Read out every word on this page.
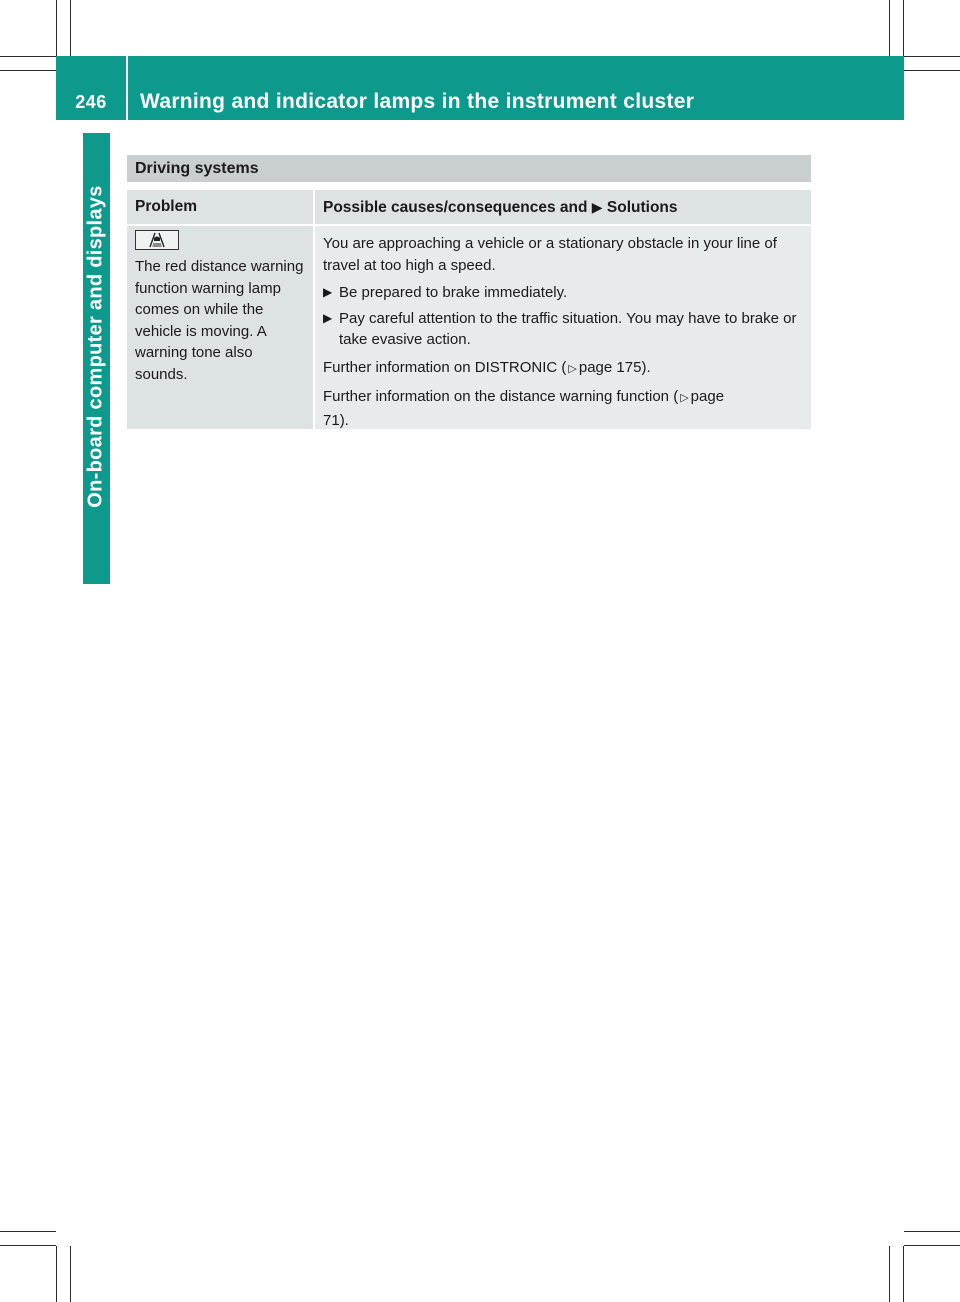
246	Warning and indicator lamps in the instrument cluster
On-board computer and displays
Driving systems
Problem	Possible causes/consequences and ▶ Solutions
The red distance warning function warning lamp comes on while the vehicle is moving. A warning tone also sounds.

You are approaching a vehicle or a stationary obstacle in your line of travel at too high a speed.

▶ Be prepared to brake immediately.

▶ Pay careful attention to the traffic situation. You may have to brake or take evasive action.

Further information on DISTRONIC ( ▷ page 175).

Further information on the distance warning function ( ▷ page 71).
